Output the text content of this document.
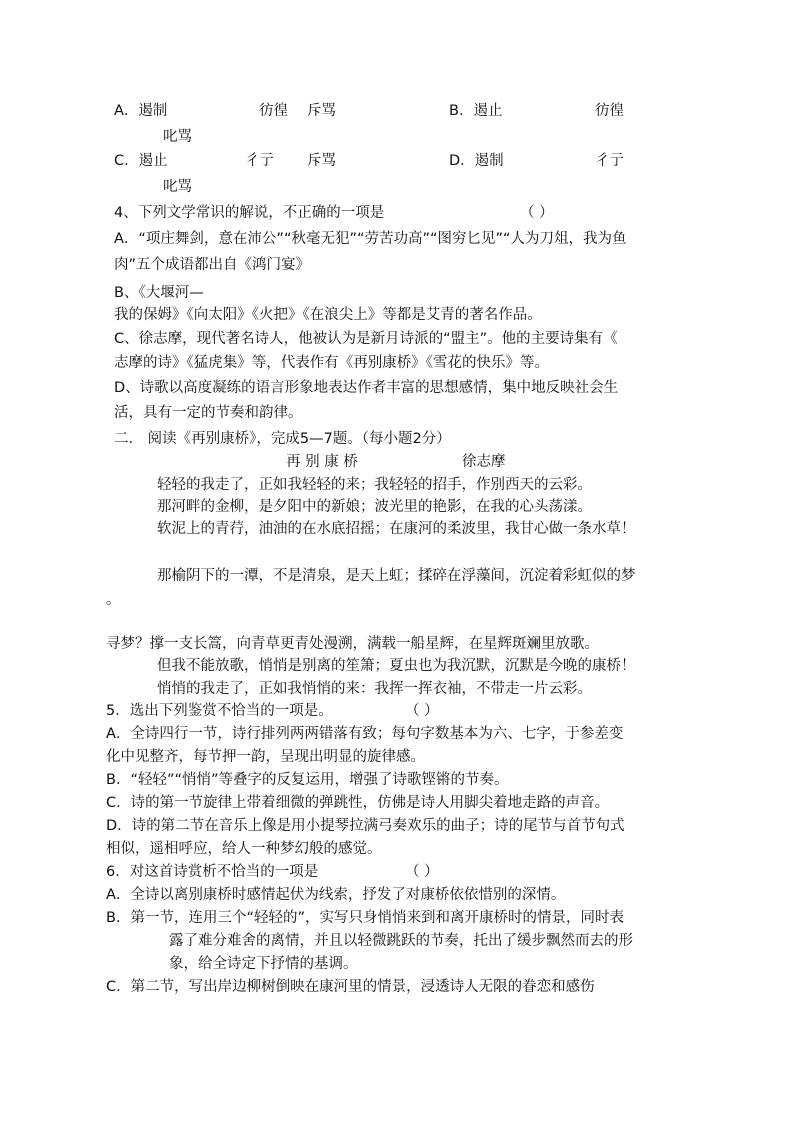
A．遏制	彷徨 斥骂	B．遏止	彷徨
叱骂
C．遏止	彳亍 斥骂	D．遏制	彳亍
叱骂
4、下列文学常识的解说，不正确的一项是	（ ）
A．“项庄舞剑，意在沛公”“秋毫无犯”“劳苦功高”“图穷匕见”“人为刀俎，我为鱼
肉”五个成语都出自《鸿门宴》
B、《大堰河—
我的保姆》《向太阳》《火把》《在浪尖上》等都是艾青的著名作品。
C、徐志摩，现代著名诗人，他被认为是新月诗派的“盟主”。他的主要诗集有《
志摩的诗》《猛虎集》等，代表作有《再别康桥》《雪花的快乐》等。
D、诗歌以高度凝练的语言形象地表达作者丰富的思想感情，集中地反映社会生
活，具有一定的节奏和韵律。
二． 阅读《再别康桥》，完成5—7题。（每小题2分）
再 别 康 桥	徐志摩
轻轻的我走了，正如我轻轻的来；我轻轻的招手，作别西天的云彩。
那河畔的金柳，是夕阳中的新娘；波光里的艳影，在我的心头荡漾。
软泥上的青荇，油油的在水底招摇；在康河的柔波里，我甘心做一条水草！
那榆阴下的一潭，不是清泉，是天上虹；揉碎在浮藻间，沉淀着彩虹似的梦
。
寻梦？撑一支长篙，向青草更青处漫溯，满载一船星辉，在星辉斑斓里放歌。
但我不能放歌，悄悄是别离的笙箫；夏虫也为我沉默，沉默是今晚的康桥！
悄悄的我走了，正如我悄悄的来：我挥一挥衣袖，不带走一片云彩。
5．选出下列鉴赏不恰当的一项是。	（ ）
A．全诗四行一节，诗行排列两两错落有致；每句字数基本为六、七字，于参差变
化中见整齐，每节押一韵，呈现出明显的旋律感。
B．“轻轻”“悄悄”等叠字的反复运用，增强了诗歌铿锵的节奏。
C．诗的第一节旋律上带着细微的弹跳性，仿佛是诗人用脚尖着地走路的声音。
D．诗的第二节在音乐上像是用小提琴拉满弓奏欢乐的曲子；诗的尾节与首节句式
相似，遥相呼应，给人一种梦幻般的感觉。
6．对这首诗赏析不恰当的一项是	（ ）
A．全诗以离别康桥时感情起伏为线索，抒发了对康桥依依惜别的深情。
B．第一节，连用三个“轻轻的”，实写只身悄悄来到和离开康桥时的情景，同时表
露了难分难舍的离情，并且以轻微跳跃的节奏，托出了缓步飘然而去的形
象，给全诗定下抒情的基调。
C．第二节，写出岸边柳树倒映在康河里的情景，浸透诗人无限的眷恋和感伤
